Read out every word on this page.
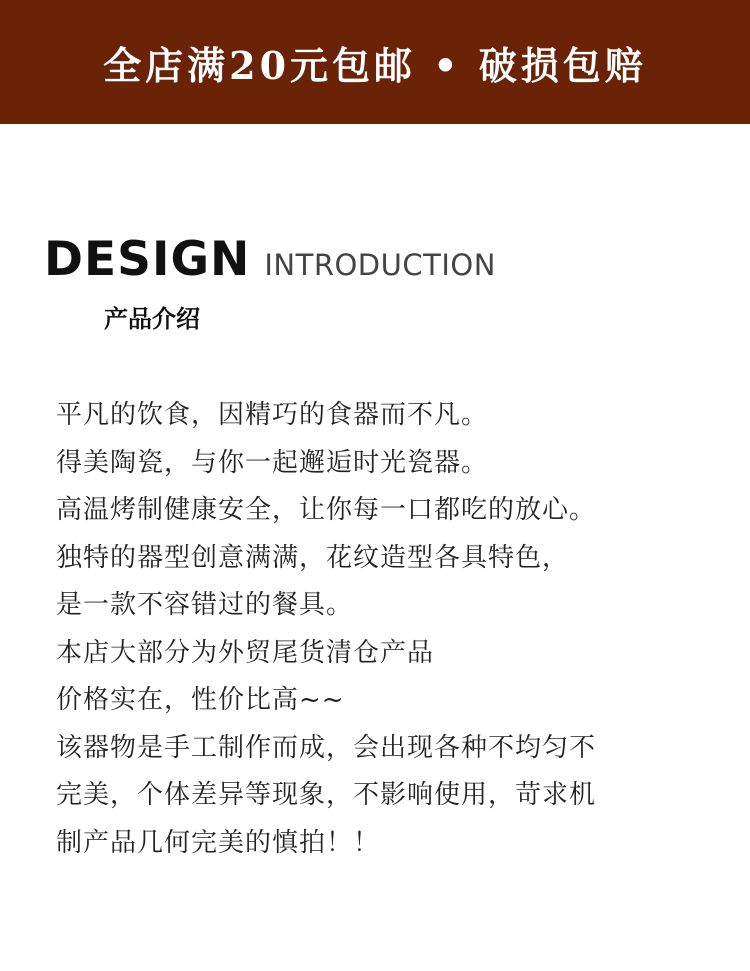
全店满20元包邮 • 破损包赔
DESIGN INTRODUCTION
产品介绍
平凡的饮食，因精巧的食器而不凡。
得美陶瓷，与你一起邂逅时光瓷器。
高温烤制健康安全，让你每一口都吃的放心。
独特的器型创意满满，花纹造型各具特色，
是一款不容错过的餐具。
本店大部分为外贸尾货清仓产品
价格实在，性价比高~~
该器物是手工制作而成，会出现各种不均匀不
完美，个体差异等现象，不影响使用，苛求机
制产品几何完美的慎拍！！
